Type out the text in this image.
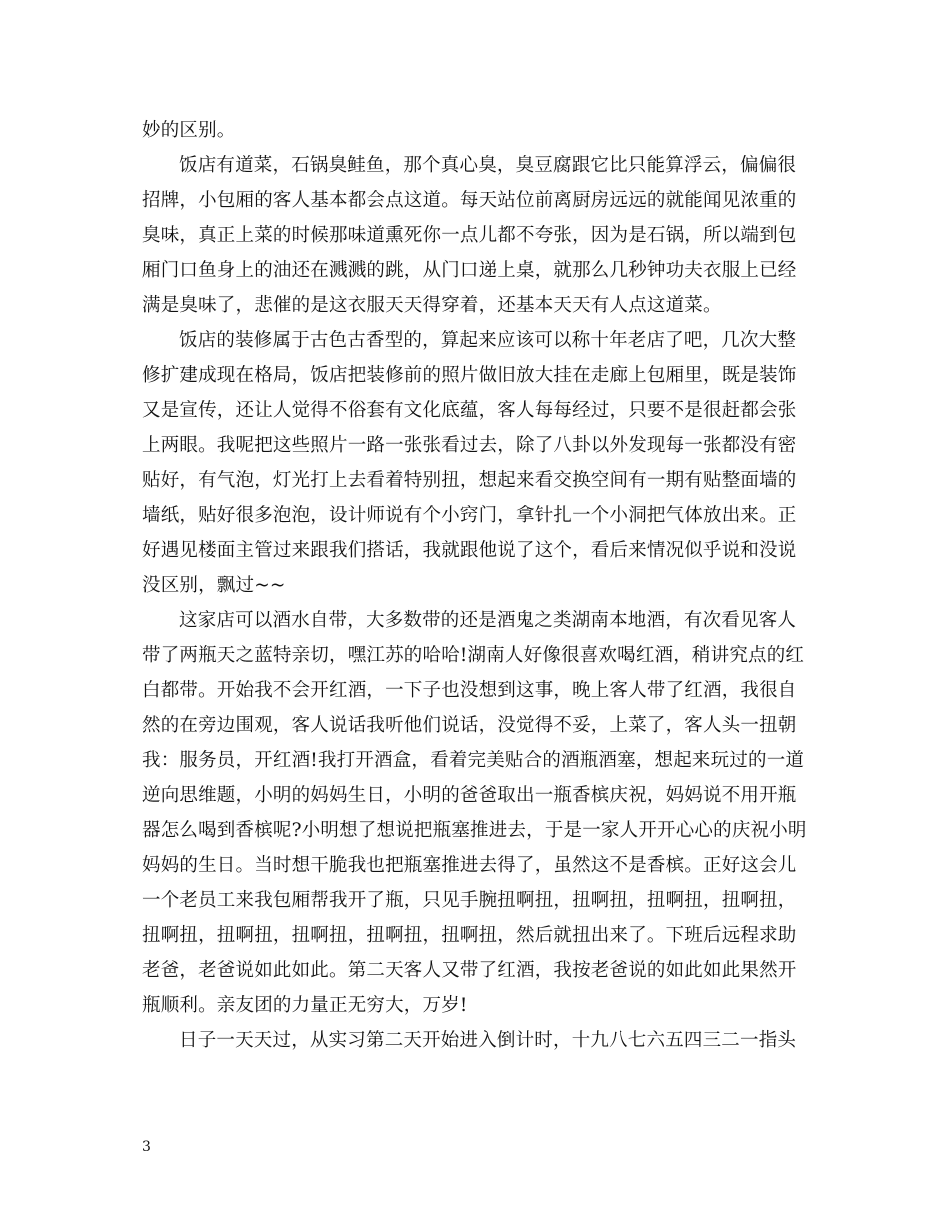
妙的区别。
饭店有道菜，石锅臭鲑鱼，那个真心臭，臭豆腐跟它比只能算浮云，偏偏很
招牌，小包厢的客人基本都会点这道。每天站位前离厨房远远的就能闻见浓重的
臭味，真正上菜的时候那味道熏死你一点儿都不夸张，因为是石锅，所以端到包
厢门口鱼身上的油还在溅溅的跳，从门口递上桌，就那么几秒钟功夫衣服上已经
满是臭味了，悲催的是这衣服天天得穿着，还基本天天有人点这道菜。
饭店的装修属于古色古香型的，算起来应该可以称十年老店了吧，几次大整
修扩建成现在格局，饭店把装修前的照片做旧放大挂在走廊上包厢里，既是装饰
又是宣传，还让人觉得不俗套有文化底蕴，客人每每经过，只要不是很赶都会张
上两眼。我呢把这些照片一路一张张看过去，除了八卦以外发现每一张都没有密
贴好，有气泡，灯光打上去看着特别扭，想起来看交换空间有一期有贴整面墙的
墙纸，贴好很多泡泡，设计师说有个小窍门，拿针扎一个小洞把气体放出来。正
好遇见楼面主管过来跟我们搭话，我就跟他说了这个，看后来情况似乎说和没说
没区别，飘过~~
这家店可以酒水自带，大多数带的还是酒鬼之类湖南本地酒，有次看见客人
带了两瓶天之蓝特亲切，嘿江苏的哈哈!湖南人好像很喜欢喝红酒，稍讲究点的红
白都带。开始我不会开红酒，一下子也没想到这事，晚上客人带了红酒，我很自
然的在旁边围观，客人说话我听他们说话，没觉得不妥，上菜了，客人头一扭朝
我：服务员，开红酒!我打开酒盒，看着完美贴合的酒瓶酒塞，想起来玩过的一道
逆向思维题，小明的妈妈生日，小明的爸爸取出一瓶香槟庆祝，妈妈说不用开瓶
器怎么喝到香槟呢?小明想了想说把瓶塞推进去，于是一家人开开心心的庆祝小明
妈妈的生日。当时想干脆我也把瓶塞推进去得了，虽然这不是香槟。正好这会儿
一个老员工来我包厢帮我开了瓶，只见手腕扭啊扭，扭啊扭，扭啊扭，扭啊扭，
扭啊扭，扭啊扭，扭啊扭，扭啊扭，扭啊扭，然后就扭出来了。下班后远程求助
老爸，老爸说如此如此。第二天客人又带了红酒，我按老爸说的如此如此果然开
瓶顺利。亲友团的力量正无穷大，万岁!
日子一天天过，从实习第二天开始进入倒计时，十九八七六五四三二一指头
3
